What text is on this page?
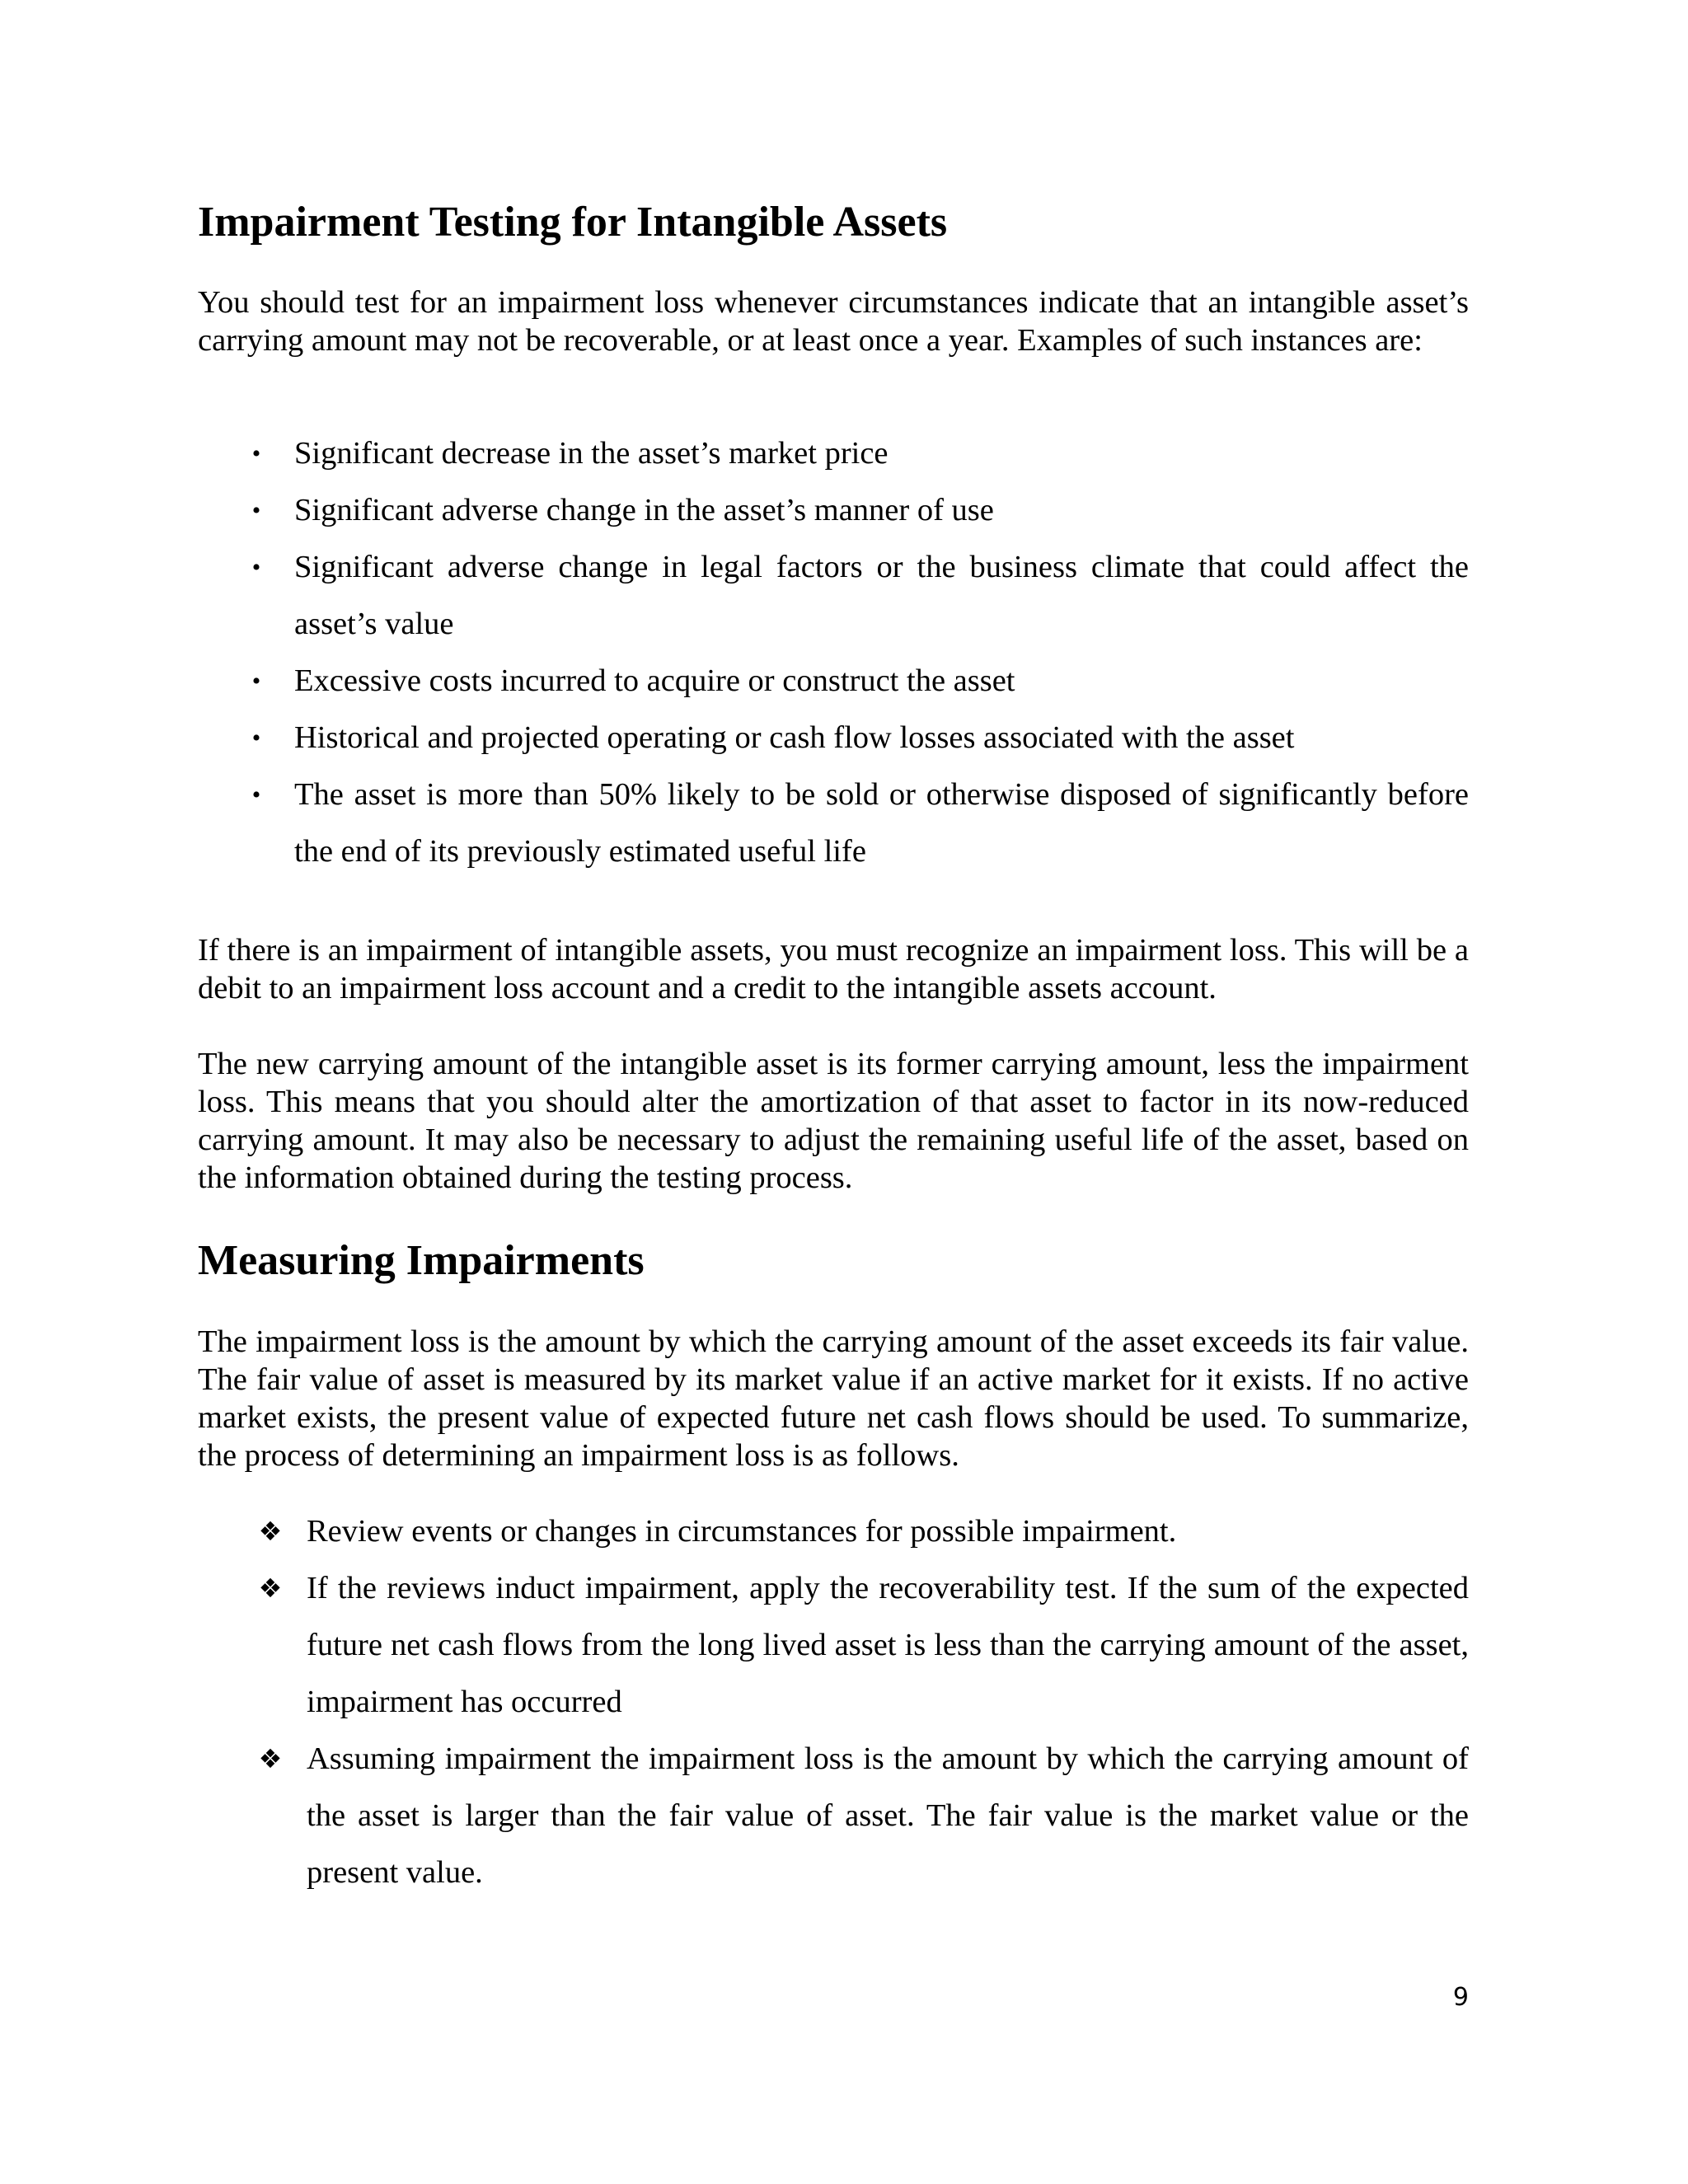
Impairment Testing for Intangible Assets

You should test for an impairment loss whenever circumstances indicate that an intangible asset’s carrying amount may not be recoverable, or at least once a year. Examples of such instances are:

•	Significant decrease in the asset’s market price
•	Significant adverse change in the asset’s manner of use
•	Significant adverse change in legal factors or the business climate that could affect the asset’s value
•	Excessive costs incurred to acquire or construct the asset
•	Historical and projected operating or cash flow losses associated with the asset
•	The asset is more than 50% likely to be sold or otherwise disposed of significantly before the end of its previously estimated useful life

If there is an impairment of intangible assets, you must recognize an impairment loss. This will be a debit to an impairment loss account and a credit to the intangible assets account.

The new carrying amount of the intangible asset is its former carrying amount, less the impairment loss. This means that you should alter the amortization of that asset to factor in its now-reduced carrying amount. It may also be necessary to adjust the remaining useful life of the asset, based on the information obtained during the testing process.

Measuring Impairments

The impairment loss is the amount by which the carrying amount of the asset exceeds its fair value. The fair value of asset is measured by its market value if an active market for it exists. If no active market exists, the present value of expected future net cash flows should be used. To summarize, the process of determining an impairment loss is as follows.

❖ Review events or changes in circumstances for possible impairment.
❖ If the reviews induct impairment, apply the recoverability test. If the sum of the expected future net cash flows from the long lived asset is less than the carrying amount of the asset, impairment has occurred
❖ Assuming impairment the impairment loss is the amount by which the carrying amount of the asset is larger than the fair value of asset. The fair value is the market value or the present value.
9
